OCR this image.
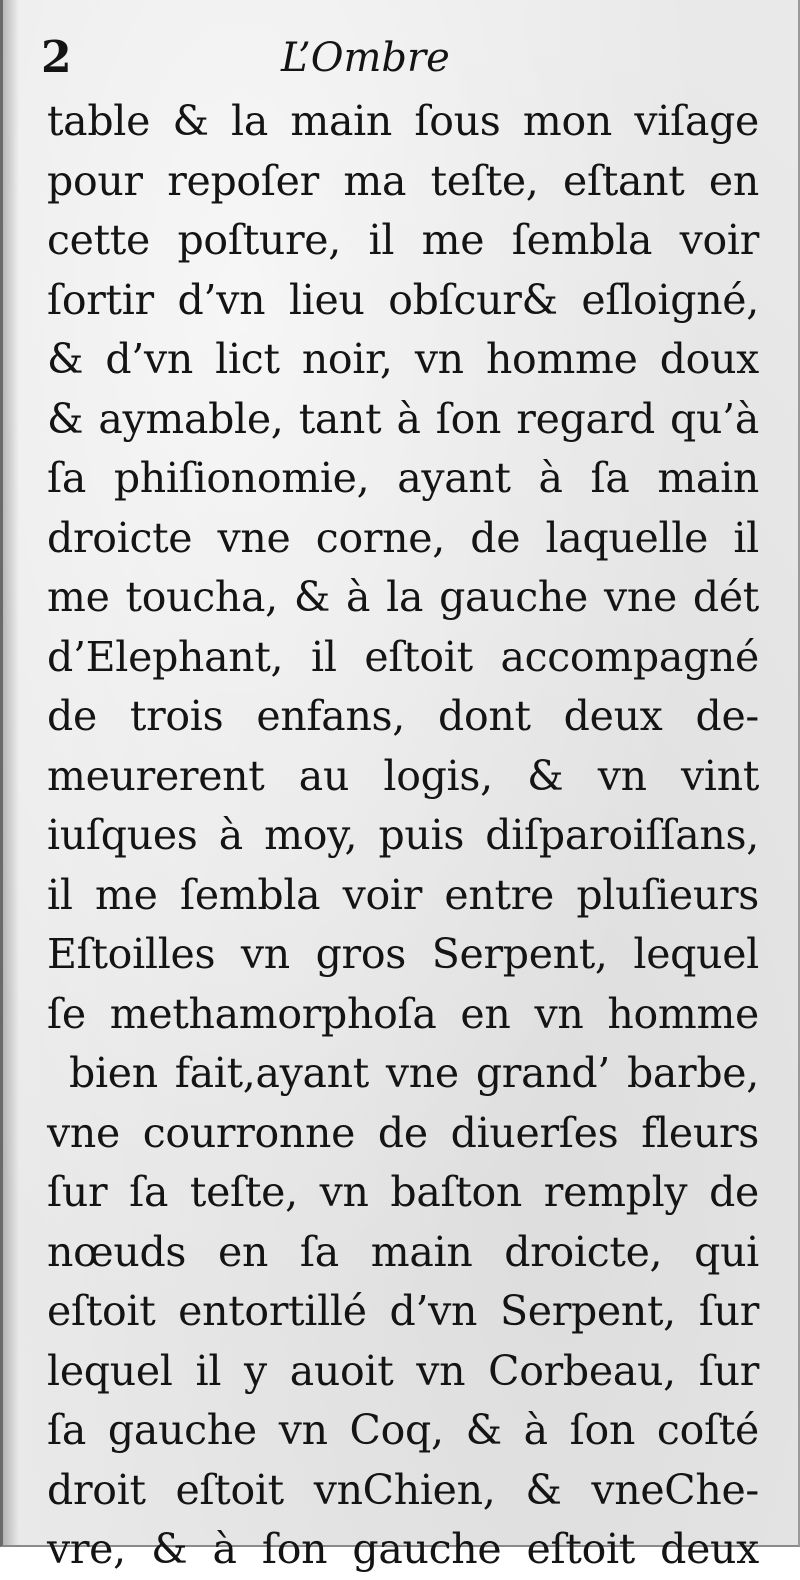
2	L’Ombre
table & la main ſous mon viſage
pour repoſer ma teſte, eſtant en
cette poſture, il me ſembla voir
ſortir d’vn lieu obſcur& eſloigné,
& d’vn lict noir, vn homme doux
& aymable, tant à ſon regard qu’à
ſa phiſionomie, ayant à ſa main
droicte vne corne, de laquelle il
me toucha, & à la gauche vne dét
d’Elephant, il eſtoit accompagné
de trois enfans, dont deux de-
meurerent au logis, & vn vint
iuſques à moy, puis diſparoiſſans,
il me ſembla voir entre pluſieurs
Eſtoilles vn gros Serpent, lequel
ſe methamorphoſa en vn homme
bien fait,ayant vne grand’ barbe,
vne courronne de diuerſes fleurs
ſur ſa teſte, vn baſton remply de
nœuds en ſa main droicte, qui
eſtoit entortillé d’vn Serpent, ſur
lequel il y auoit vn Corbeau, ſur
ſa gauche vn Coq, & à ſon coſté
droit eſtoit vnChien, & vneChe-
vre, & à ſon gauche eſtoit deux
